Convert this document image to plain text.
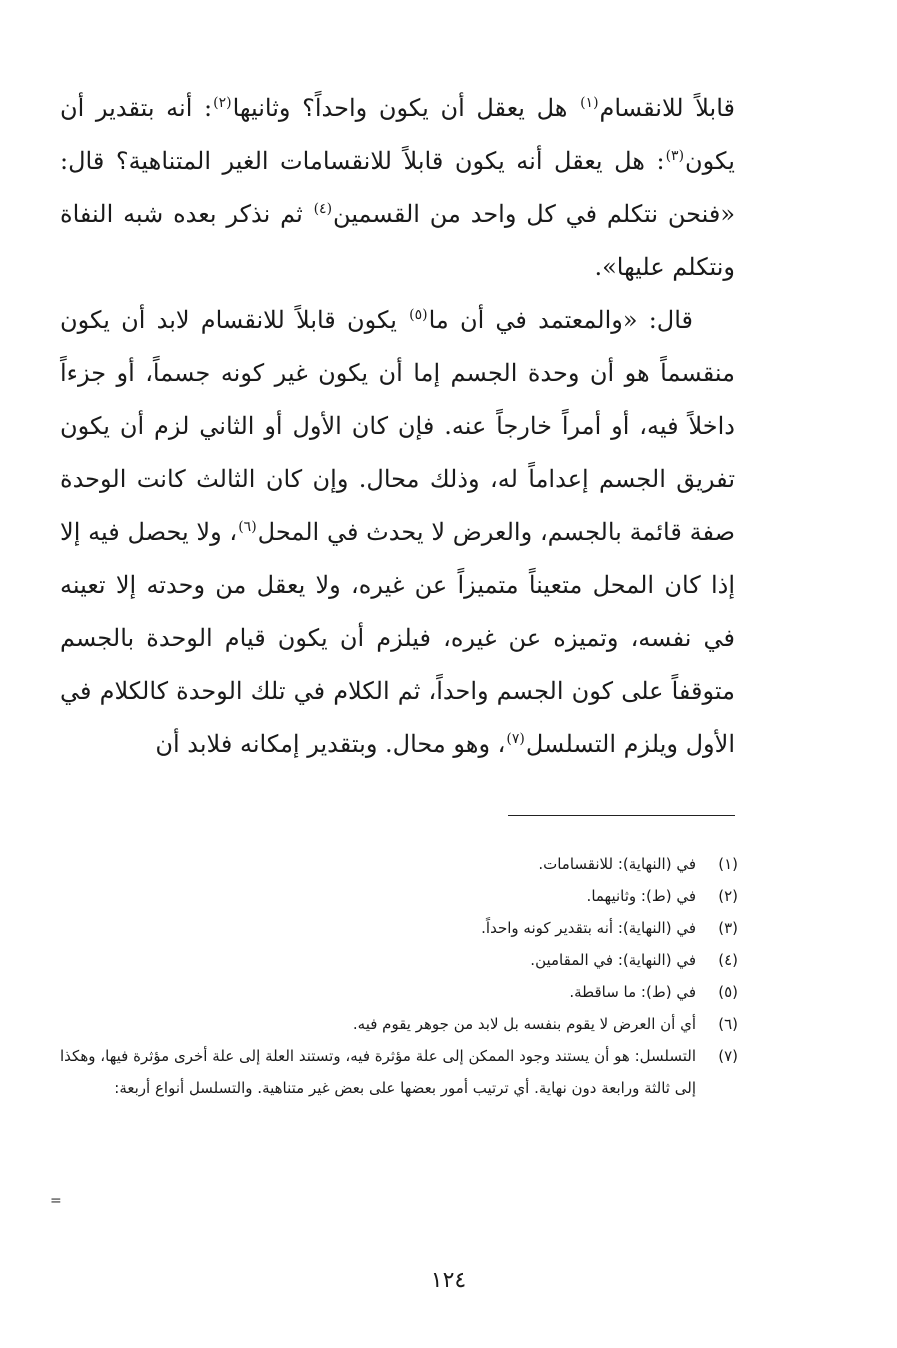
قابلاً للانقسام$^{(١)}$ هل يعقل أن يكون واحداً؟ وثانيها$^{(٢)}$: أنه بتقدير أن يكون$^{(٣)}$: هل يعقل أنه يكون قابلاً للانقسامات الغير المتناهية؟ قال: «فنحن نتكلم في كل واحد من القسمين$^{(٤)}$ ثم نذكر بعده شبه النفاة ونتكلم عليها».

قال: «والمعتمد في أن ما$^{(٥)}$ يكون قابلاً للانقسام لابد أن يكون منقسماً هو أن وحدة الجسم إما أن يكون غير كونه جسماً، أو جزءاً داخلاً فيه، أو أمراً خارجاً عنه. فإن كان الأول أو الثاني لزم أن يكون تفريق الجسم إعداماً له، وذلك محال. وإن كان الثالث كانت الوحدة صفة قائمة بالجسم، والعرض لا يحدث في المحل$^{(٦)}$، ولا يحصل فيه إلا إذا كان المحل متعيناً متميزاً عن غيره، ولا يعقل من وحدته إلا تعينه في نفسه، وتميزه عن غيره، فيلزم أن يكون قيام الوحدة بالجسم متوقفاً على كون الجسم واحداً، ثم الكلام في تلك الوحدة كالكلام في الأول ويلزم التسلسل$^{(٧)}$، وهو محال. وبتقدير إمكانه فلابد أن

(١)
في (النهاية): للانقسامات.
(٢)
في (ط): وثانيهما.
(٣)
في (النهاية): أنه بتقدير كونه واحداً.
(٤)
في (النهاية): في المقامين.
(٥)
في (ط): ما ساقطة.
(٦)
أي أن العرض لا يقوم بنفسه بل لابد من جوهر يقوم فيه.
(٧)
التسلسل: هو أن يستند وجود الممكن إلى علة مؤثرة فيه، وتستند العلة إلى علة أخرى مؤثرة فيها، وهكذا إلى ثالثة ورابعة دون نهاية. أي ترتيب أمور بعضها على بعض غير متناهية. والتسلسل أنواع أربعة:
=
١٢٤
